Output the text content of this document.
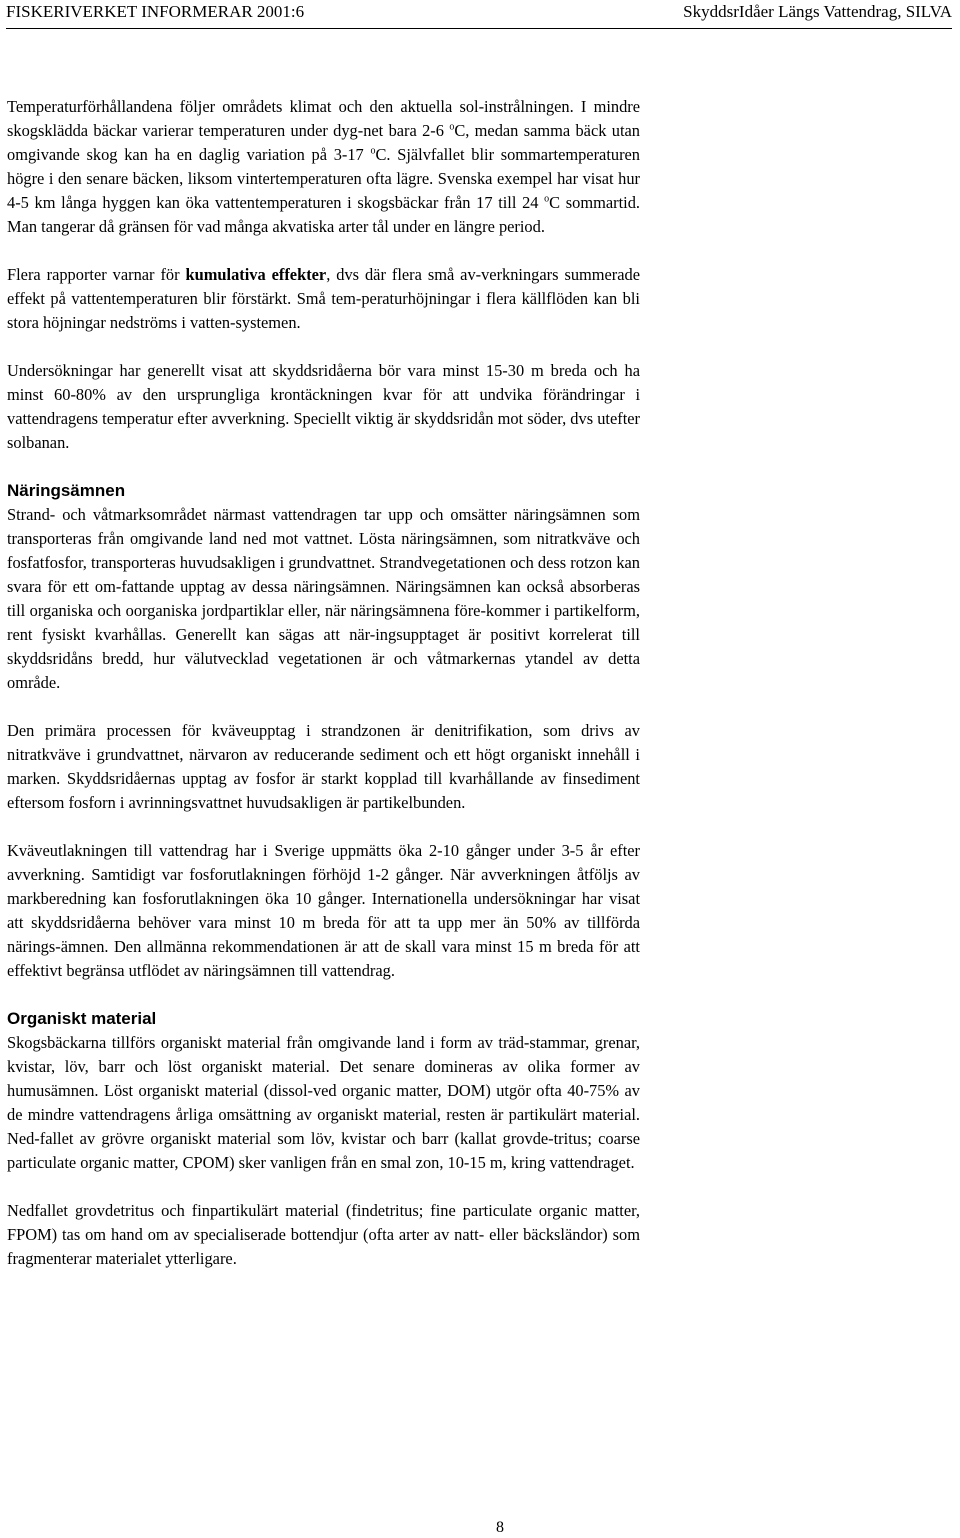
FISKERIVERKET INFORMERAR 2001:6	SkyddsrIdåer Längs Vattendrag, SILVA

Temperaturförhållandena följer områdets klimat och den aktuella sol-instrålningen. I mindre skogsklädda bäckar varierar temperaturen under dyg-net bara 2-6 $^o$C, medan samma bäck utan omgivande skog kan ha en daglig variation på 3-17 $^o$C. Självfallet blir sommartemperaturen högre i den senare bäcken, liksom vintertemperaturen ofta lägre. Svenska exempel har visat hur 4-5 km långa hyggen kan öka vattentemperaturen i skogsbäckar från 17 till 24 $^o$C sommartid. Man tangerar då gränsen för vad många akvatiska arter tål under en längre period.

Flera rapporter varnar för kumulativa effekter, dvs där flera små av-verkningars summerade effekt på vattentemperaturen blir förstärkt. Små tem-peraturhöjningar i flera källflöden kan bli stora höjningar nedströms i vatten-systemen.

Undersökningar har generellt visat att skyddsridåerna bör vara minst 15-30 m breda och ha minst 60-80% av den ursprungliga krontäckningen kvar för att undvika förändringar i vattendragens temperatur efter avverkning. Speciellt viktig är skyddsridån mot söder, dvs utefter solbanan.

Näringsämnen

Strand- och våtmarksområdet närmast vattendragen tar upp och omsätter näringsämnen som transporteras från omgivande land ned mot vattnet. Lösta näringsämnen, som nitratkväve och fosfatfosfor, transporteras huvudsakligen i grundvattnet. Strandvegetationen och dess rotzon kan svara för ett om-fattande upptag av dessa näringsämnen. Näringsämnen kan också absorberas till organiska och oorganiska jordpartiklar eller, när näringsämnena före-kommer i partikelform, rent fysiskt kvarhållas. Generellt kan sägas att när-ingsupptaget är positivt korrelerat till skyddsridåns bredd, hur välutvecklad vegetationen är och våtmarkernas ytandel av detta område.

Den primära processen för kväveupptag i strandzonen är denitrifikation, som drivs av nitratkväve i grundvattnet, närvaron av reducerande sediment och ett högt organiskt innehåll i marken. Skyddsridåernas upptag av fosfor är starkt kopplad till kvarhållande av finsediment eftersom fosforn i avrinningsvattnet huvudsakligen är partikelbunden.

Kväveutlakningen till vattendrag har i Sverige uppmätts öka 2-10 gånger under 3-5 år efter avverkning. Samtidigt var fosforutlakningen förhöjd 1-2 gånger. När avverkningen åtföljs av markberedning kan fosforutlakningen öka 10 gånger. Internationella undersökningar har visat att skyddsridåerna behöver vara minst 10 m breda för att ta upp mer än 50% av tillförda närings-ämnen. Den allmänna rekommendationen är att de skall vara minst 15 m breda för att effektivt begränsa utflödet av näringsämnen till vattendrag.

Organiskt material

Skogsbäckarna tillförs organiskt material från omgivande land i form av träd-stammar, grenar, kvistar, löv, barr och löst organiskt material. Det senare domineras av olika former av humusämnen. Löst organiskt material (dissol-ved organic matter, DOM) utgör ofta 40-75% av de mindre vattendragens årliga omsättning av organiskt material, resten är partikulärt material. Ned-fallet av grövre organiskt material som löv, kvistar och barr (kallat grovde-tritus; coarse particulate organic matter, CPOM) sker vanligen från en smal zon, 10-15 m, kring vattendraget.

Nedfallet grovdetritus och finpartikulärt material (findetritus; fine particulate organic matter, FPOM) tas om hand om av specialiserade bottendjur (ofta arter av natt- eller bäcksländor) som fragmenterar materialet ytterligare.

8
